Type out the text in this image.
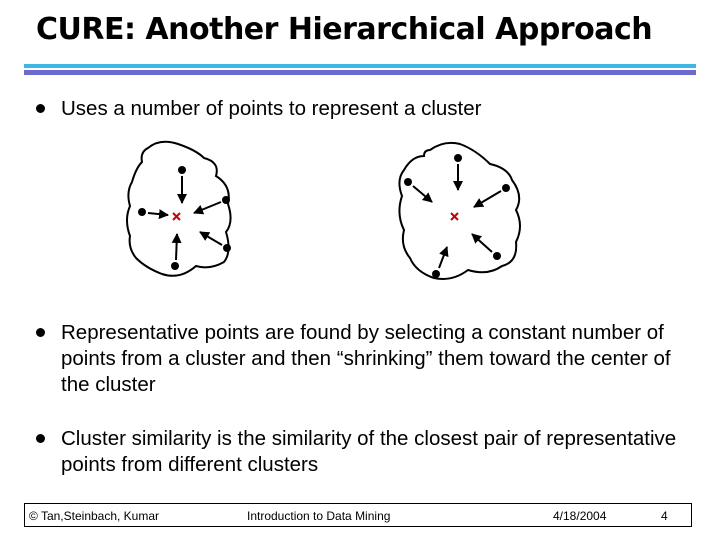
CURE: Another Hierarchical Approach

Uses a number of points to represent a cluster

Representative points are found by selecting a constant number of points from a cluster and then “shrinking” them toward the center of the cluster

Cluster similarity is the similarity of the closest pair of representative points from different clusters

© Tan,Steinbach, Kumar	Introduction to Data Mining	4/18/2004	4
